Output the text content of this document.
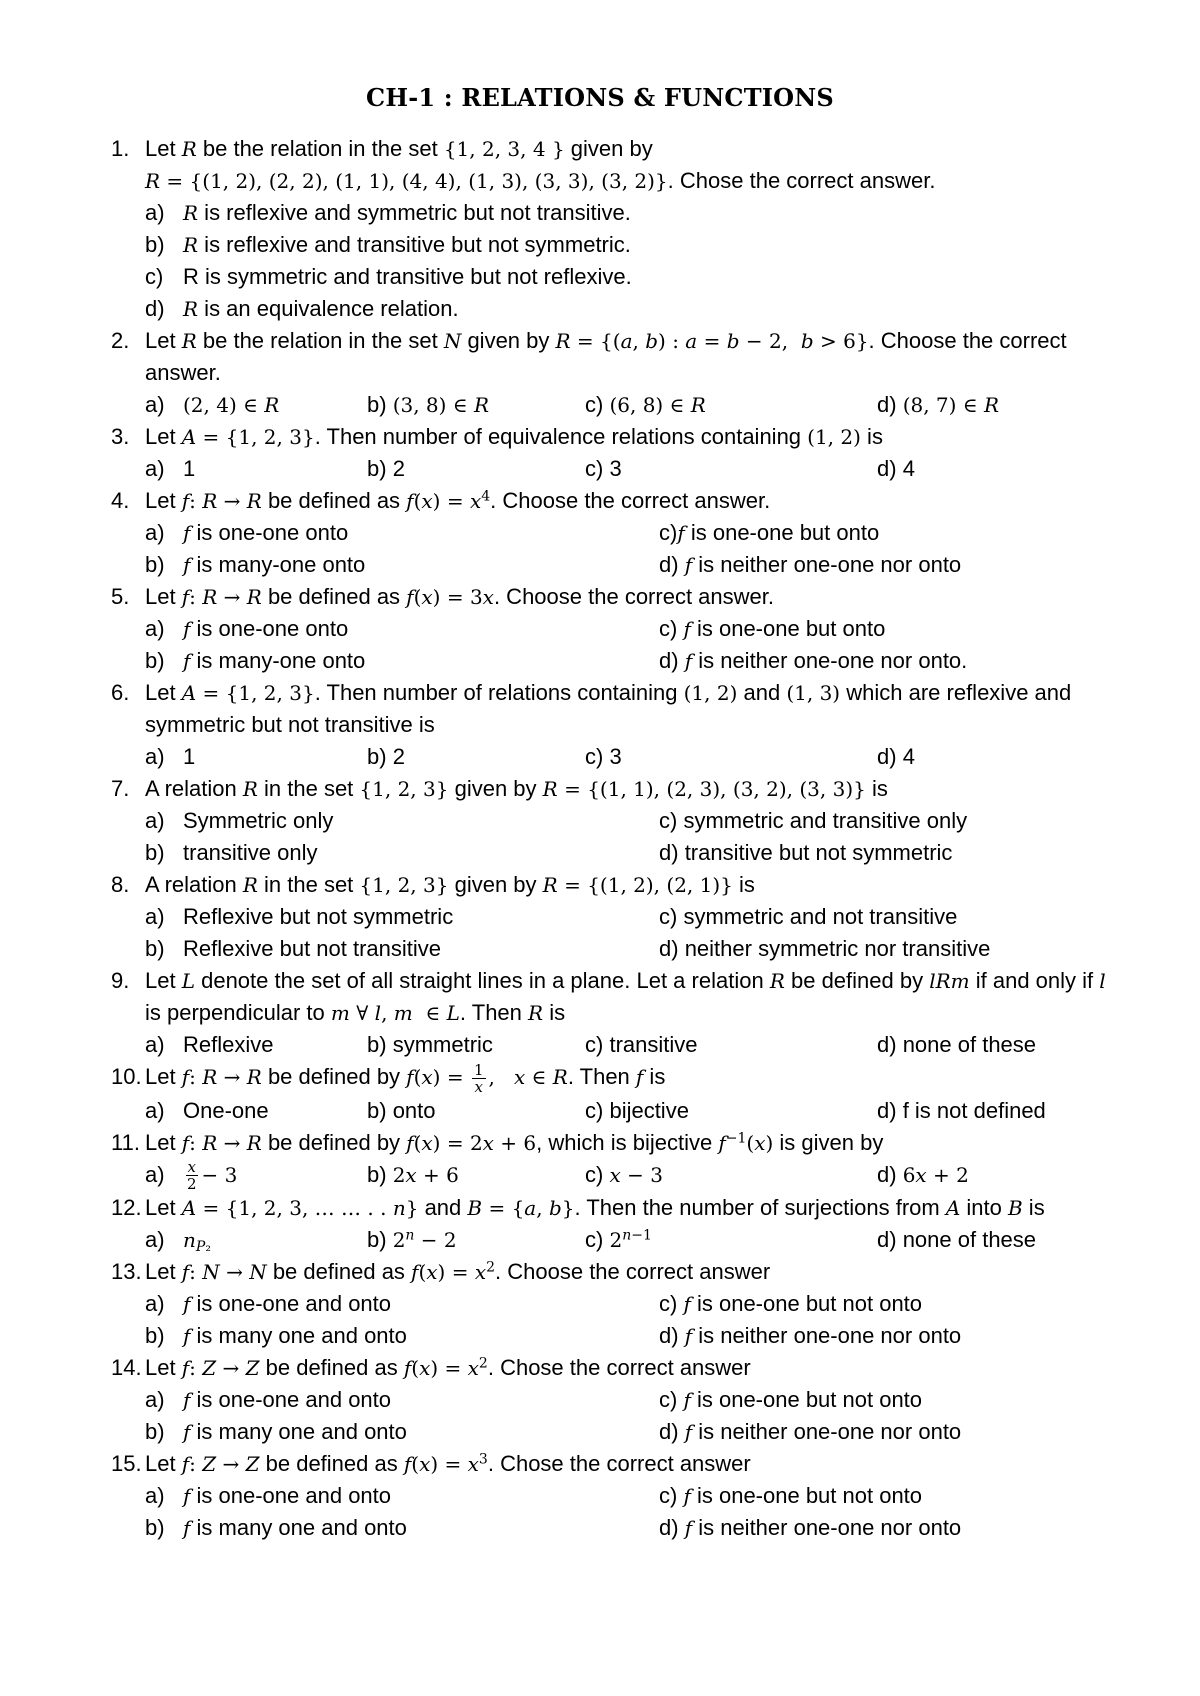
CH-1 : RELATIONS & FUNCTIONS
1. Let R be the relation in the set {1, 2, 3, 4 } given by
R = {(1, 2), (2, 2), (1, 1), (4, 4), (1, 3), (3, 3), (3, 2)}. Chose the correct answer.
a) R is reflexive and symmetric but not transitive.
b) R is reflexive and transitive but not symmetric.
c) R is symmetric and transitive but not reflexive.
d) R is an equivalence relation.
2. Let R be the relation in the set N given by R = {(a, b) : a = b − 2,  b > 6}. Choose the correct
answer.
a) (2, 4) ∈ R	b) (3, 8) ∈ R	c) (6, 8) ∈ R	d) (8, 7) ∈ R
3. Let A = {1, 2, 3}. Then number of equivalence relations containing (1, 2) is
a) 1	b) 2	c) 3	d) 4
4. Let f: R → R be defined as $f(x) = x^4$. Choose the correct answer.
a) f is one-one onto
b) f is many-one onto
c)f is one-one but onto
d) f is neither one-one nor onto
5. Let f: R → R be defined as f(x) = 3x. Choose the correct answer.
a) f is one-one onto
b) f is many-one onto
c) f is one-one but onto
d) f is neither one-one nor onto.
6. Let A = {1, 2, 3}. Then number of relations containing (1, 2) and (1, 3) which are reflexive and
symmetric but not transitive is
a) 1	b) 2	c) 3	d) 4
7. A relation R in the set {1, 2, 3} given by R = {(1, 1), (2, 3), (3, 2), (3, 3)} is
a) Symmetric only
b) transitive only
c) symmetric and transitive only
d) transitive but not symmetric
8. A relation R in the set {1, 2, 3} given by R = {(1, 2), (2, 1)} is
a) Reflexive but not symmetric
b) Reflexive but not transitive
c) symmetric and not transitive
d) neither symmetric nor transitive
9. Let L denote the set of all straight lines in a plane. Let a relation R be defined by lRm if and only if l
is perpendicular to m ∀ l, m  ∈ L. Then R is
a) Reflexive	b) symmetric	c) transitive	d) none of these
10. Let f: R → R be defined by $f(x) = \frac{1}{x}$ ,   x ∈ R. Then f is
a) One-one	b) onto	c) bijective	d) f is not defined
11. Let f: R → R be defined by f(x) = 2x + 6, which is bijective $f^{-1}(x)$ is given by
$a) \frac{x}{2} - 3$	b) 2x + 6	c) x − 3	d) 6x + 2
12. Let A = {1, 2, 3, … … . . n} and B = {a, b}. Then the number of surjections from A into B is
a) $n_{P_2}$	b) $2^n - 2$	c) $2^{n-1}$	d) none of these
13. Let f: N → N be defined as $f(x) = x^2$. Choose the correct answer
a) f is one-one and onto
b) f is many one and onto
c) f is one-one but not onto
d) f is neither one-one nor onto
14. Let f: Z → Z be defined as $f(x) = x^2$. Chose the correct answer
a) f is one-one and onto
b) f is many one and onto
c) f is one-one but not onto
d) f is neither one-one nor onto
15. Let f: Z → Z be defined as $f(x) = x^3$. Chose the correct answer
a) f is one-one and onto
b) f is many one and onto
c) f is one-one but not onto
d) f is neither one-one nor onto
